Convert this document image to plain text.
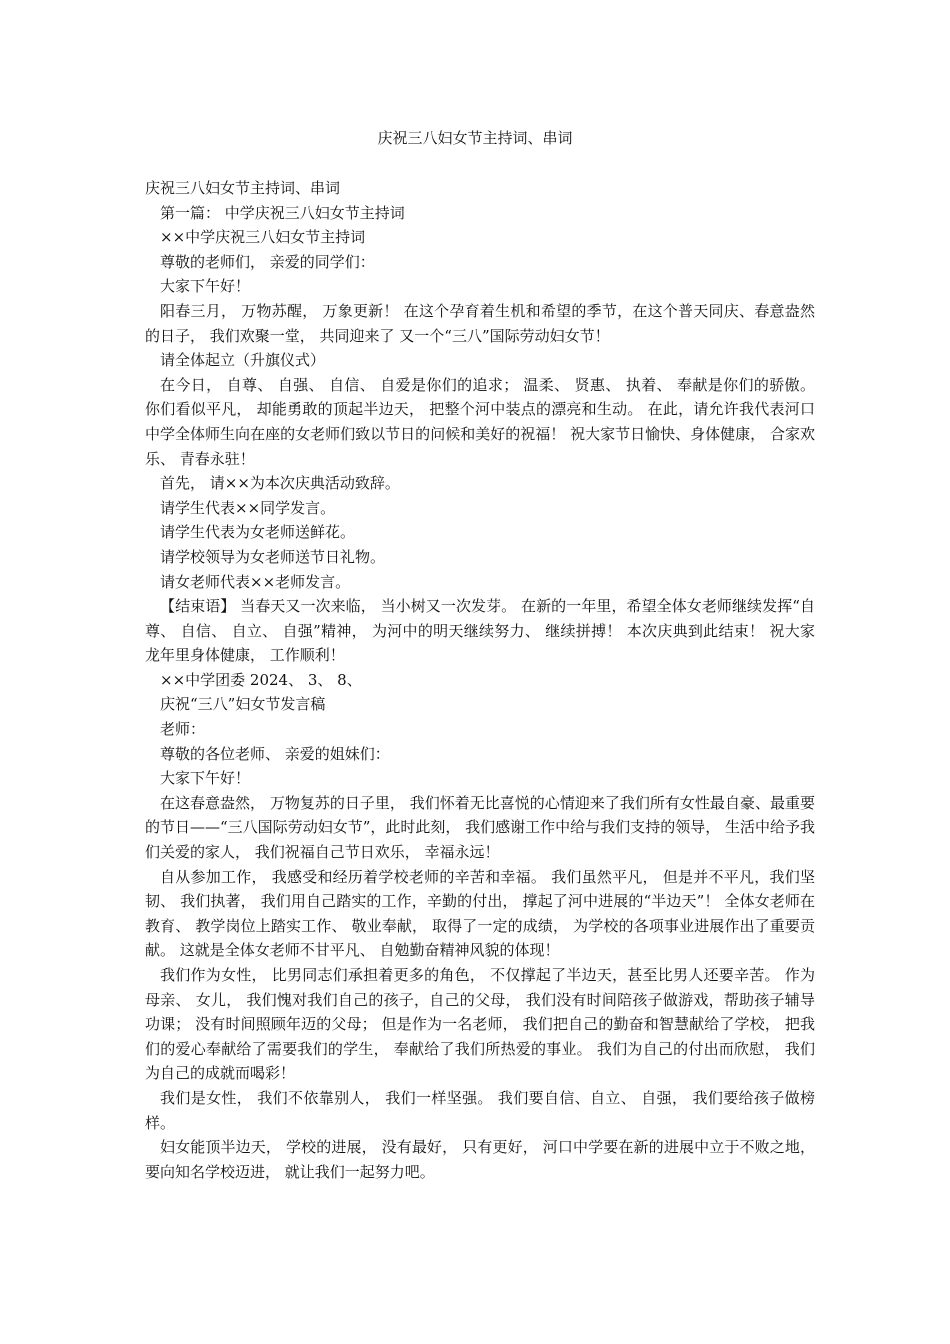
庆祝三八妇女节主持词、串词

庆祝三八妇女节主持词、串词

第一篇： 中学庆祝三八妇女节主持词

××中学庆祝三八妇女节主持词

尊敬的老师们， 亲爱的同学们：

大家下午好！

阳春三月， 万物苏醒， 万象更新！ 在这个孕育着生机和希望的季节，在这个普天同庆、春意盎然的日子， 我们欢聚一堂， 共同迎来了 又一个“三八”国际劳动妇女节！

请全体起立（升旗仪式）

在今日， 自尊、 自强、 自信、 自爱是你们的追求； 温柔、 贤惠、 执着、 奉献是你们的骄傲。 你们看似平凡， 却能勇敢的顶起半边天， 把整个河中装点的漂亮和生动。 在此，请允许我代表河口中学全体师生向在座的女老师们致以节日的问候和美好的祝福！ 祝大家节日愉快、身体健康， 合家欢乐、 青春永驻！

首先， 请××为本次庆典活动致辞。

请学生代表××同学发言。

请学生代表为女老师送鲜花。

请学校领导为女老师送节日礼物。

请女老师代表××老师发言。

【结束语】 当春天又一次来临， 当小树又一次发芽。 在新的一年里，希望全体女老师继续发挥“自尊、 自信、 自立、 自强”精神， 为河中的明天继续努力、 继续拼搏！ 本次庆典到此结束！ 祝大家龙年里身体健康， 工作顺利！

××中学团委 2024、 3、 8、

庆祝“三八”妇女节发言稿

老师：

尊敬的各位老师、 亲爱的姐妹们：

大家下午好！

在这春意盎然， 万物复苏的日子里， 我们怀着无比喜悦的心情迎来了我们所有女性最自豪、最重要的节日——“三八国际劳动妇女节”，此时此刻， 我们感谢工作中给与我们支持的领导， 生活中给予我们关爱的家人， 我们祝福自己节日欢乐， 幸福永远！

自从参加工作， 我感受和经历着学校老师的辛苦和幸福。 我们虽然平凡， 但是并不平凡，我们坚韧、 我们执著， 我们用自己踏实的工作，辛勤的付出， 撑起了河中进展的“半边天”！ 全体女老师在教育、 教学岗位上踏实工作、 敬业奉献， 取得了一定的成绩， 为学校的各项事业进展作出了重要贡献。 这就是全体女老师不甘平凡、 自勉勤奋精神风貌的体现！

我们作为女性， 比男同志们承担着更多的角色， 不仅撑起了半边天，甚至比男人还要辛苦。 作为母亲、 女儿， 我们愧对我们自己的孩子，自己的父母， 我们没有时间陪孩子做游戏，帮助孩子辅导功课； 没有时间照顾年迈的父母； 但是作为一名老师， 我们把自己的勤奋和智慧献给了学校， 把我们的爱心奉献给了需要我们的学生， 奉献给了我们所热爱的事业。 我们为自己的付出而欣慰， 我们为自己的成就而喝彩！

我们是女性， 我们不依靠别人， 我们一样坚强。 我们要自信、自立、 自强， 我们要给孩子做榜样。

妇女能顶半边天， 学校的进展， 没有最好， 只有更好， 河口中学要在新的进展中立于不败之地， 要向知名学校迈进， 就让我们一起努力吧。
